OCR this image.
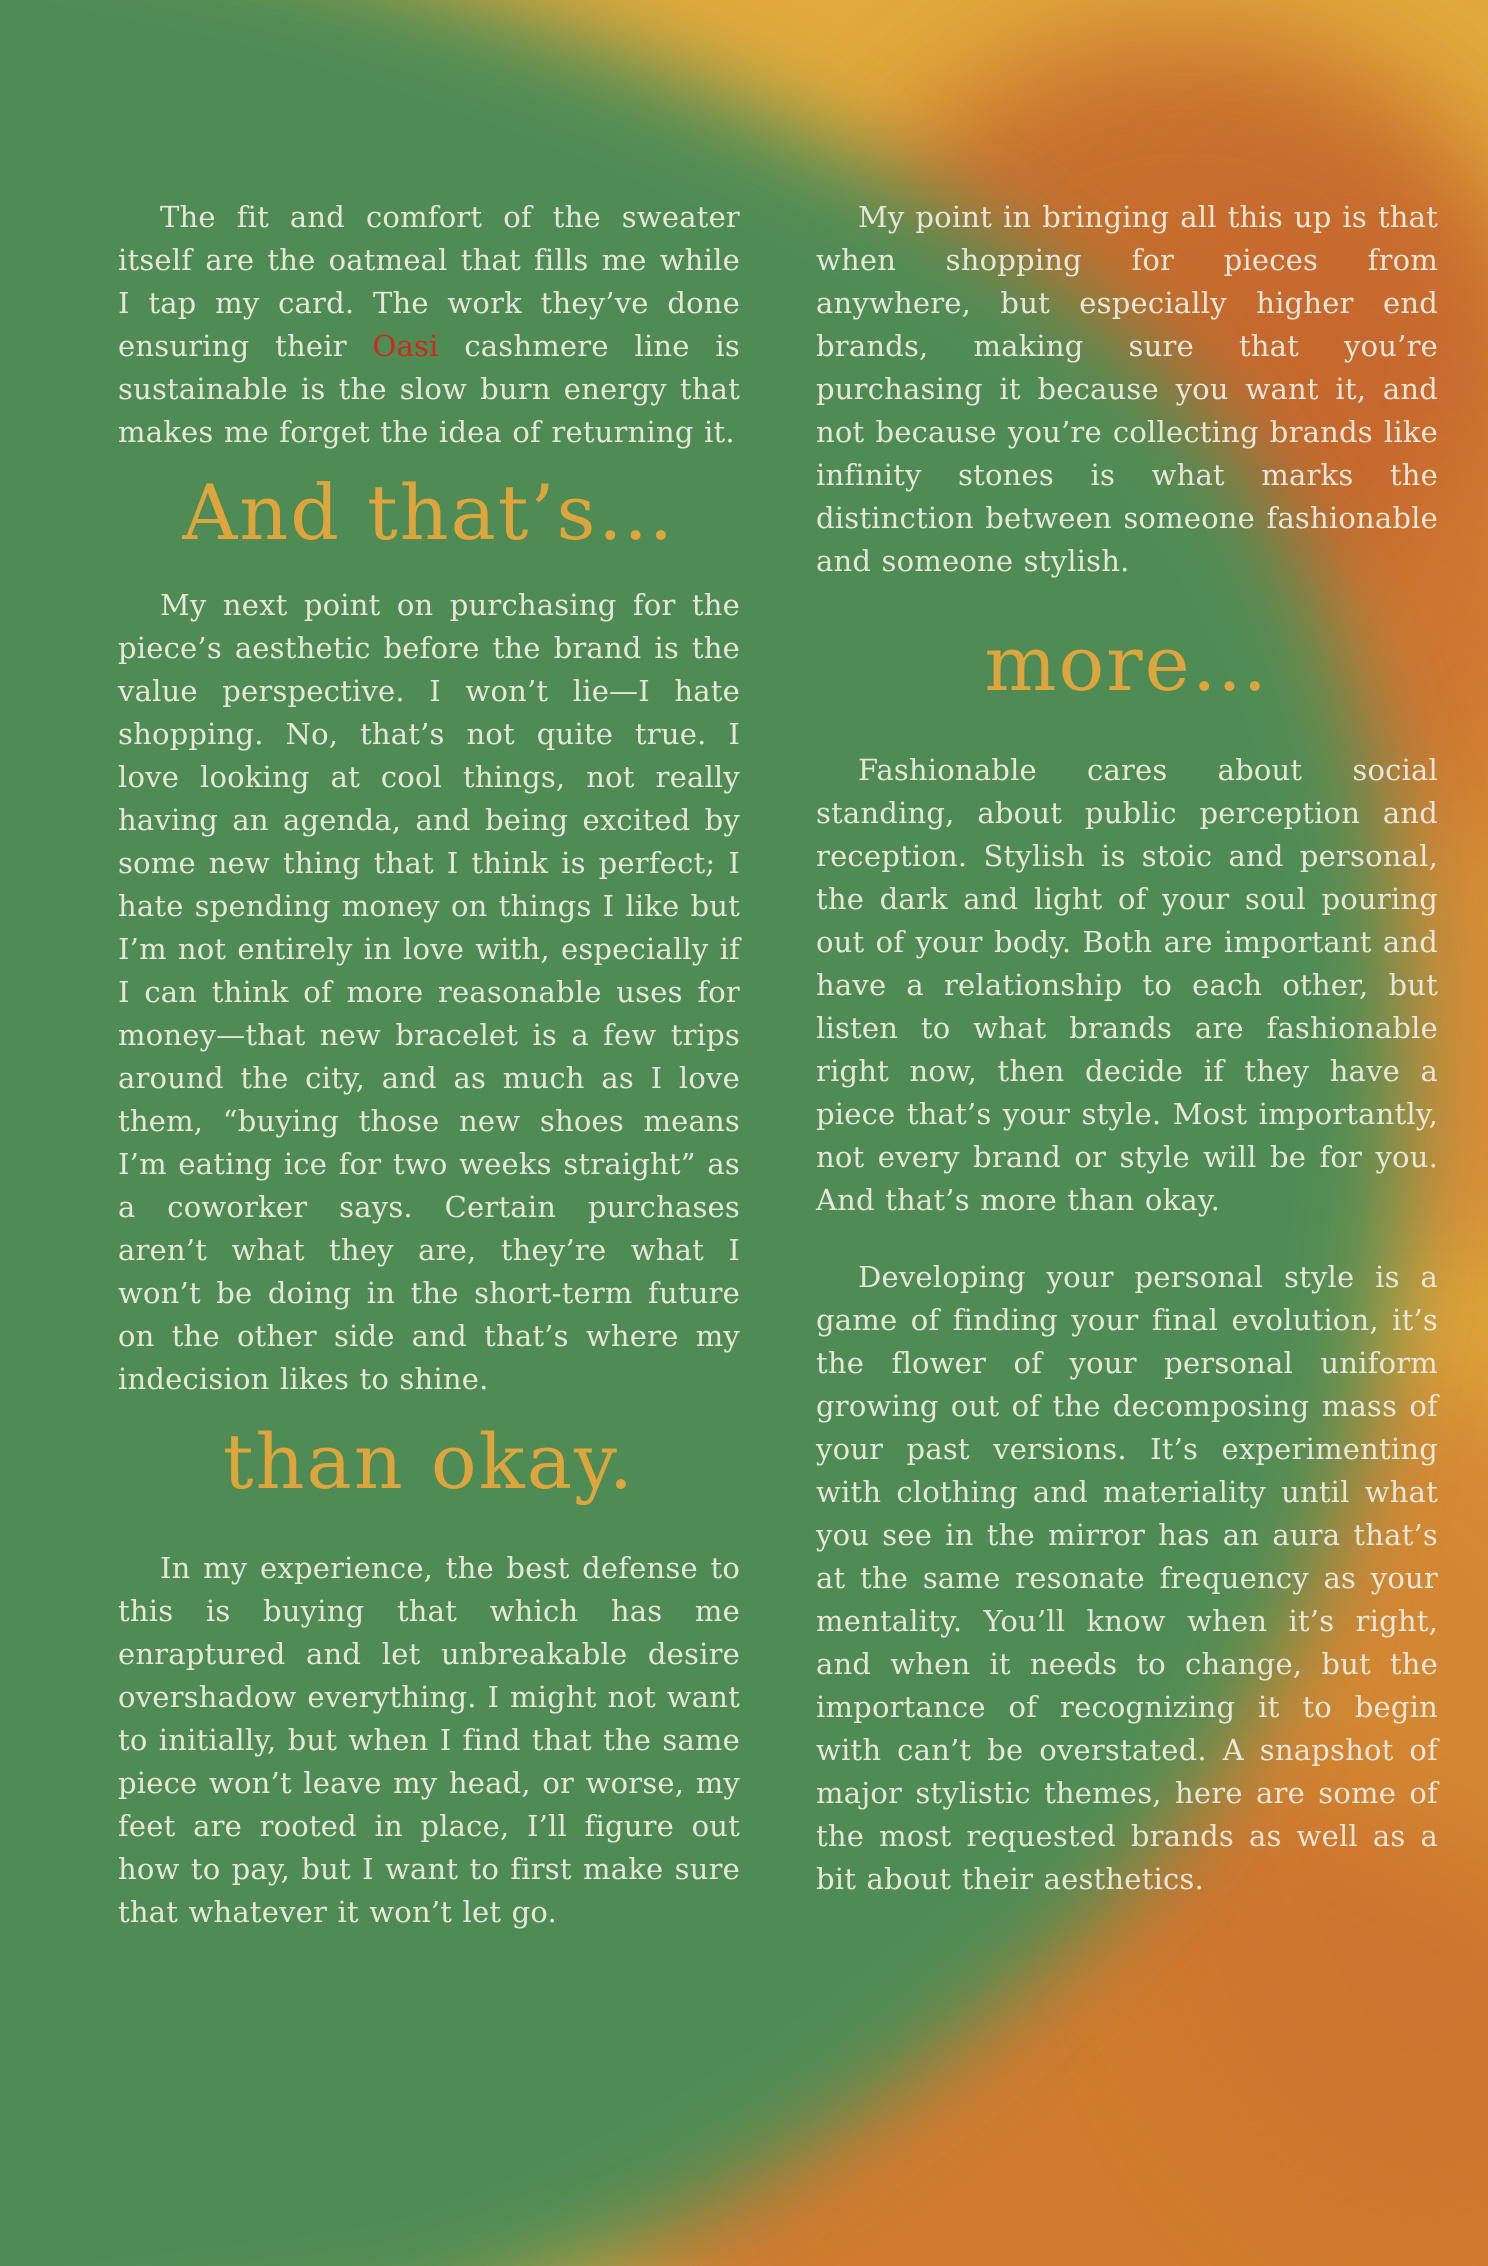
The fit and comfort of the sweater itself are the oatmeal that fills me while I tap my card. The work they’ve done ensuring their Oasi cashmere line is sustainable is the slow burn energy that makes me forget the idea of returning it.

And that’s…

My next point on purchasing for the piece’s aesthetic before the brand is the value perspective. I won’t lie—I hate shopping. No, that’s not quite true. I love looking at cool things, not really having an agenda, and being excited by some new thing that I think is perfect; I hate spending money on things I like but I’m not entirely in love with, especially if I can think of more reasonable uses for money—that new bracelet is a few trips around the city, and as much as I love them, “buying those new shoes means I’m eating ice for two weeks straight” as a coworker says. Certain purchases aren’t what they are, they’re what I won’t be doing in the short-term future on the other side and that’s where my indecision likes to shine.

than okay.

In my experience, the best defense to this is buying that which has me enraptured and let unbreakable desire overshadow everything. I might not want to initially, but when I find that the same piece won’t leave my head, or worse, my feet are rooted in place, I’ll figure out how to pay, but I want to first make sure that whatever it won’t let go.

My point in bringing all this up is that when shopping for pieces from anywhere, but especially higher end brands, making sure that you’re purchasing it because you want it, and not because you’re collecting brands like infinity stones is what marks the distinction between someone fashionable and someone stylish.

more…

Fashionable cares about social standing, about public perception and reception. Stylish is stoic and personal, the dark and light of your soul pouring out of your body. Both are important and have a relationship to each other, but listen to what brands are fashionable right now, then decide if they have a piece that’s your style. Most importantly, not every brand or style will be for you. And that’s more than okay.

Developing your personal style is a game of finding your final evolution, it’s the flower of your personal uniform growing out of the decomposing mass of your past versions. It’s experimenting with clothing and materiality until what you see in the mirror has an aura that’s at the same resonate frequency as your mentality. You’ll know when it’s right, and when it needs to change, but the importance of recognizing it to begin with can’t be overstated. A snapshot of major stylistic themes, here are some of the most requested brands as well as a bit about their aesthetics.
